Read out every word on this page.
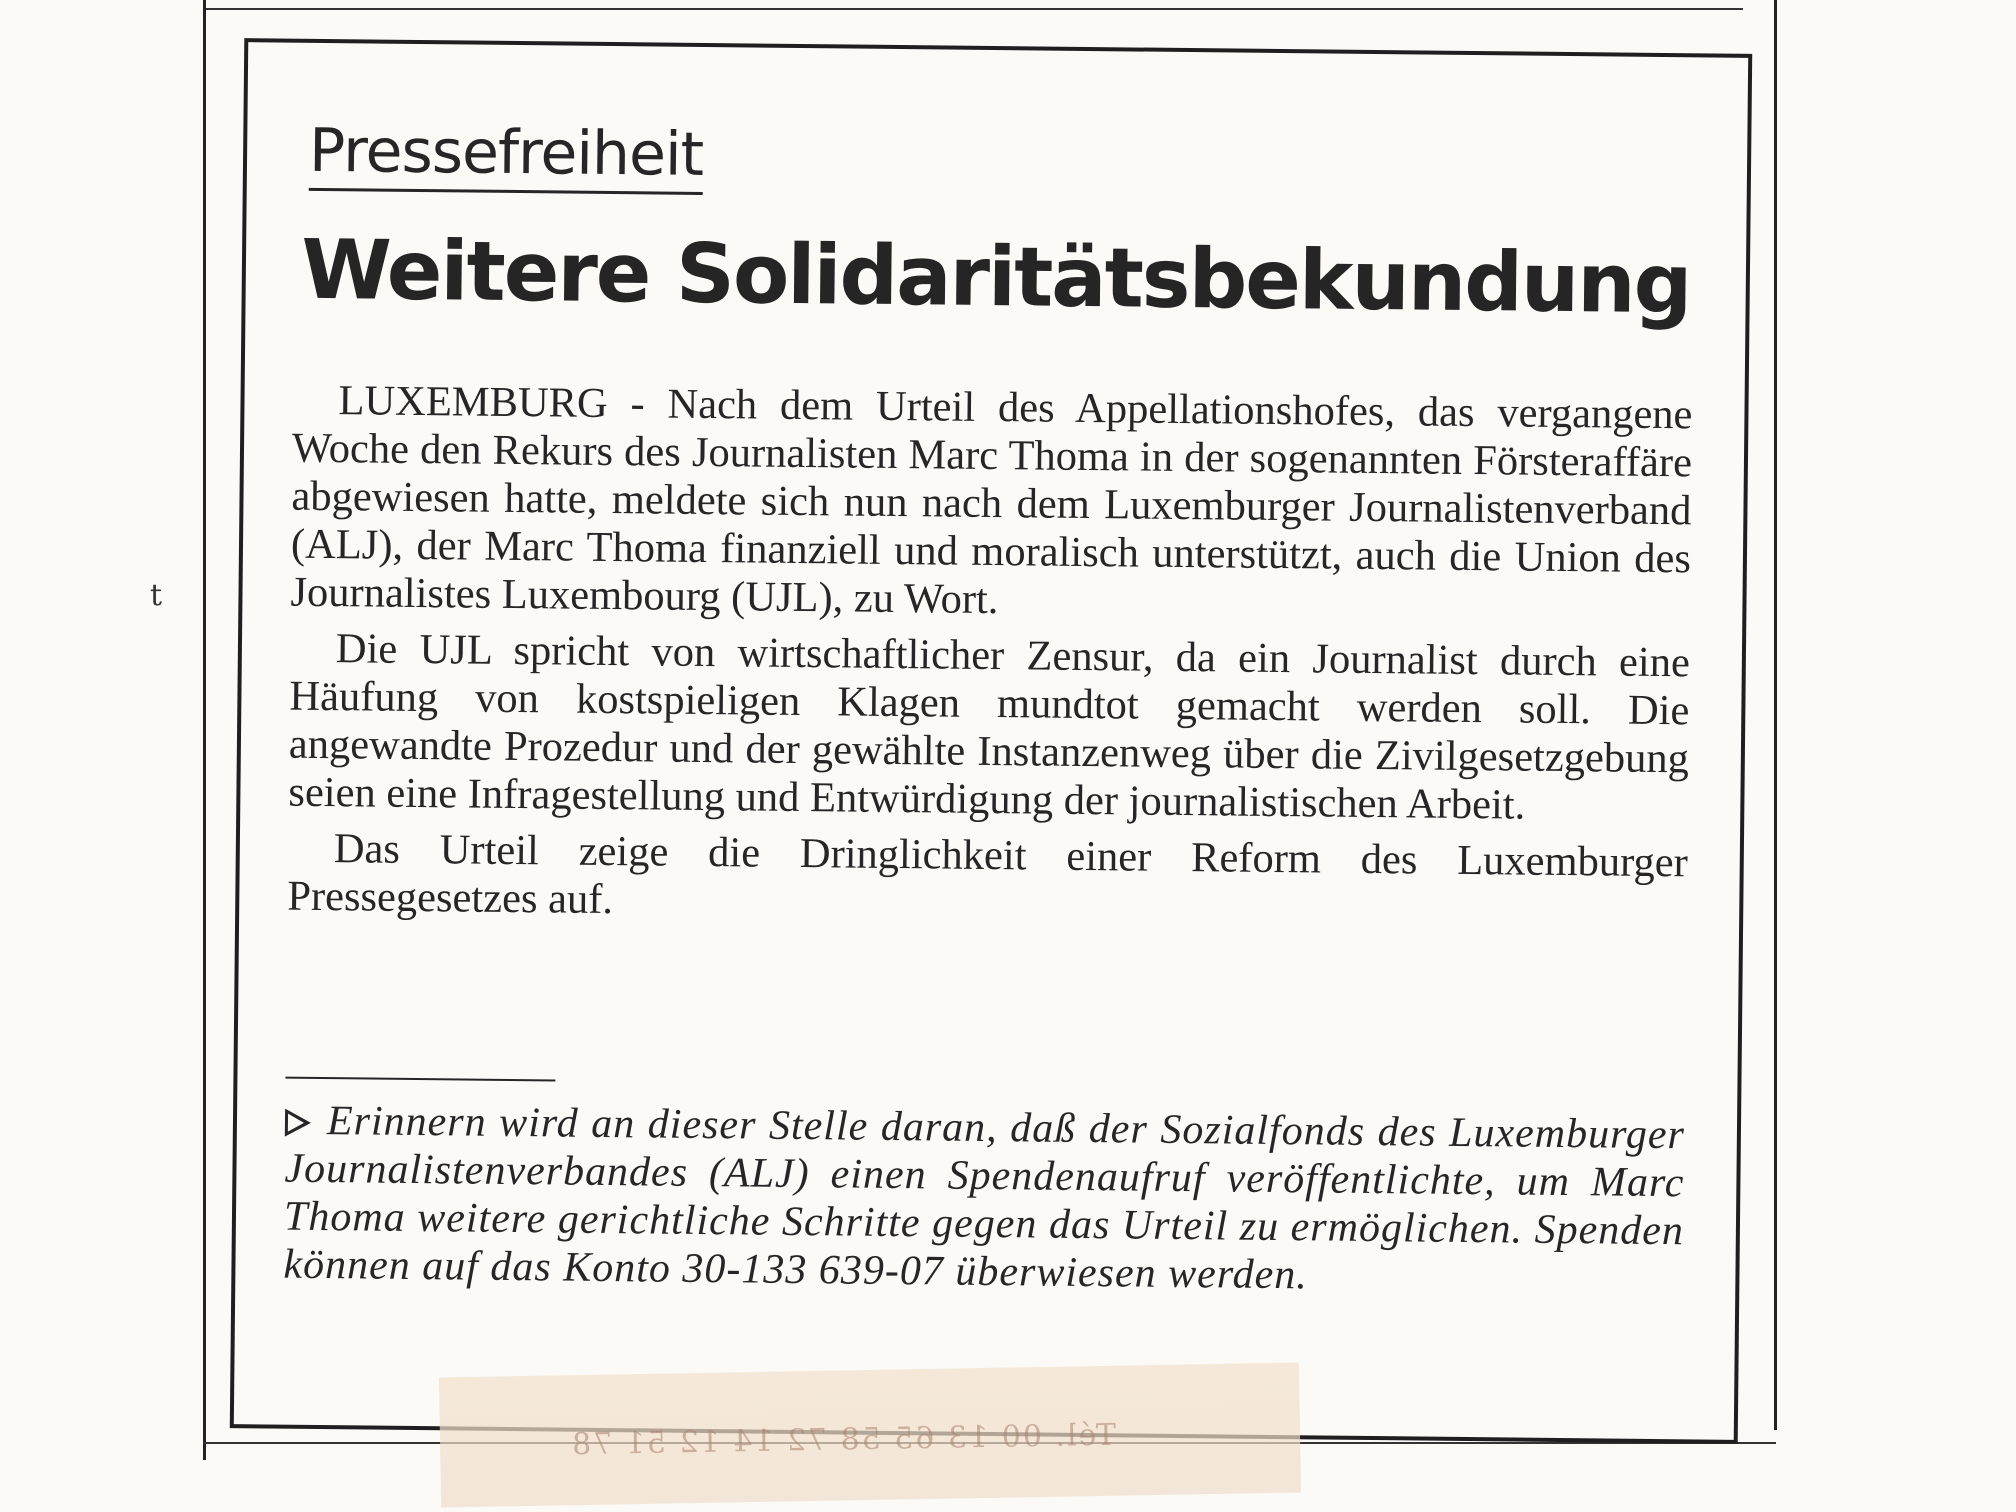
t
Pressefreiheit
Weitere Solidaritätsbekundung

LUXEMBURG - Nach dem Urteil des Appellationshofes, das vergangene Woche den Rekurs des Journalisten Marc Thoma in der sogenannten Försteraffäre abgewiesen hatte, meldete sich nun nach dem Luxemburger Journalistenverband (ALJ), der Marc Thoma finanziell und moralisch unterstützt, auch die Union des Journalistes Luxembourg (UJL), zu Wort.

Die UJL spricht von wirtschaftlicher Zensur, da ein Journalist durch eine Häufung von kostspieligen Klagen mundtot gemacht werden soll. Die angewandte Prozedur und der gewählte Instanzenweg über die Zivilgesetzgebung seien eine Infragestellung und Entwürdigung der journalistischen Arbeit.

Das Urteil zeige die Dringlichkeit einer Reform des Luxemburger Pressegesetzes auf.

Erinnern wird an dieser Stelle daran, daß der Sozialfonds des Luxemburger Journalistenverbandes (ALJ) einen Spendenaufruf veröffentlichte, um Marc Thoma weitere gerichtliche Schritte gegen das Urteil zu ermöglichen. Spenden können auf das Konto 30-133 639-07 überwiesen werden.
Tél. 00 13 65 58 72 14 12 51 78
